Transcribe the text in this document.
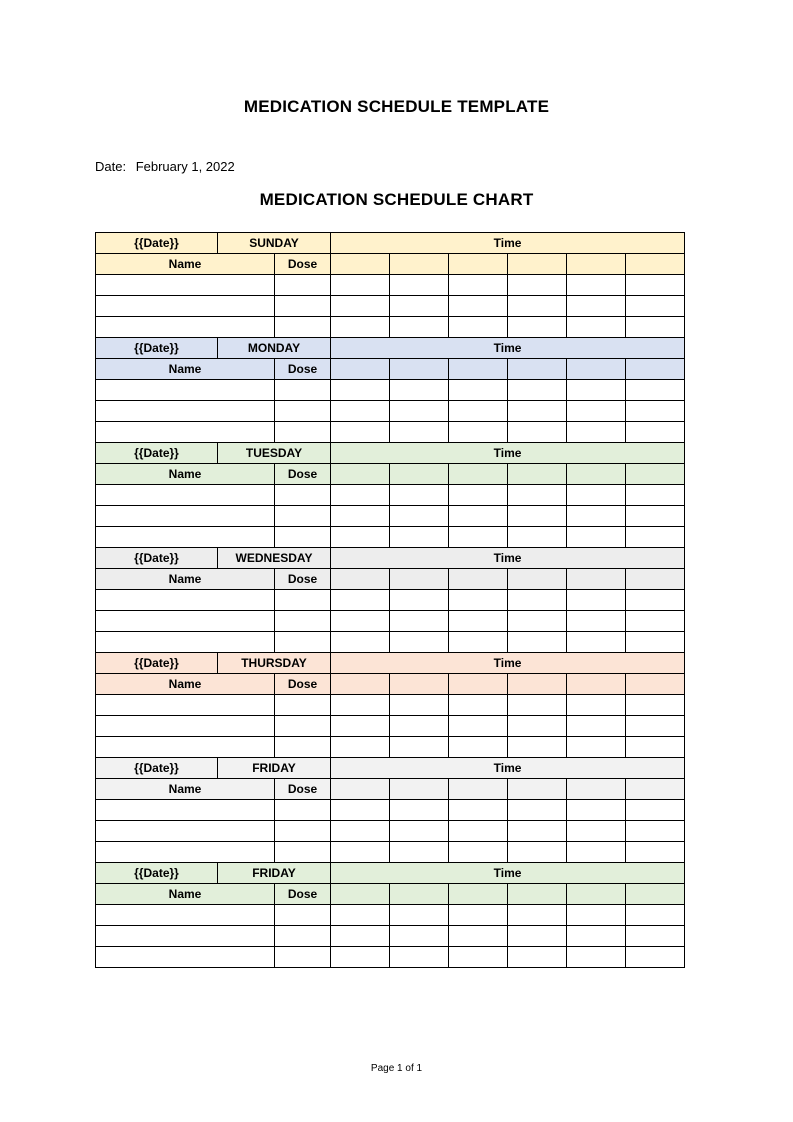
MEDICATION SCHEDULE TEMPLATE
Date: February 1, 2022
MEDICATION SCHEDULE CHART
{{Date}}	SUNDAY		Time					
Name		Dose						

{{Date}}	MONDAY		Time					
Name		Dose						

{{Date}}	TUESDAY		Time					
Name		Dose						

{{Date}}	WEDNESDAY		Time					
Name		Dose						

{{Date}}	THURSDAY		Time					
Name		Dose						

{{Date}}	FRIDAY		Time					
Name		Dose						

{{Date}}	FRIDAY		Time					
Name		Dose						

Page 1 of 1
